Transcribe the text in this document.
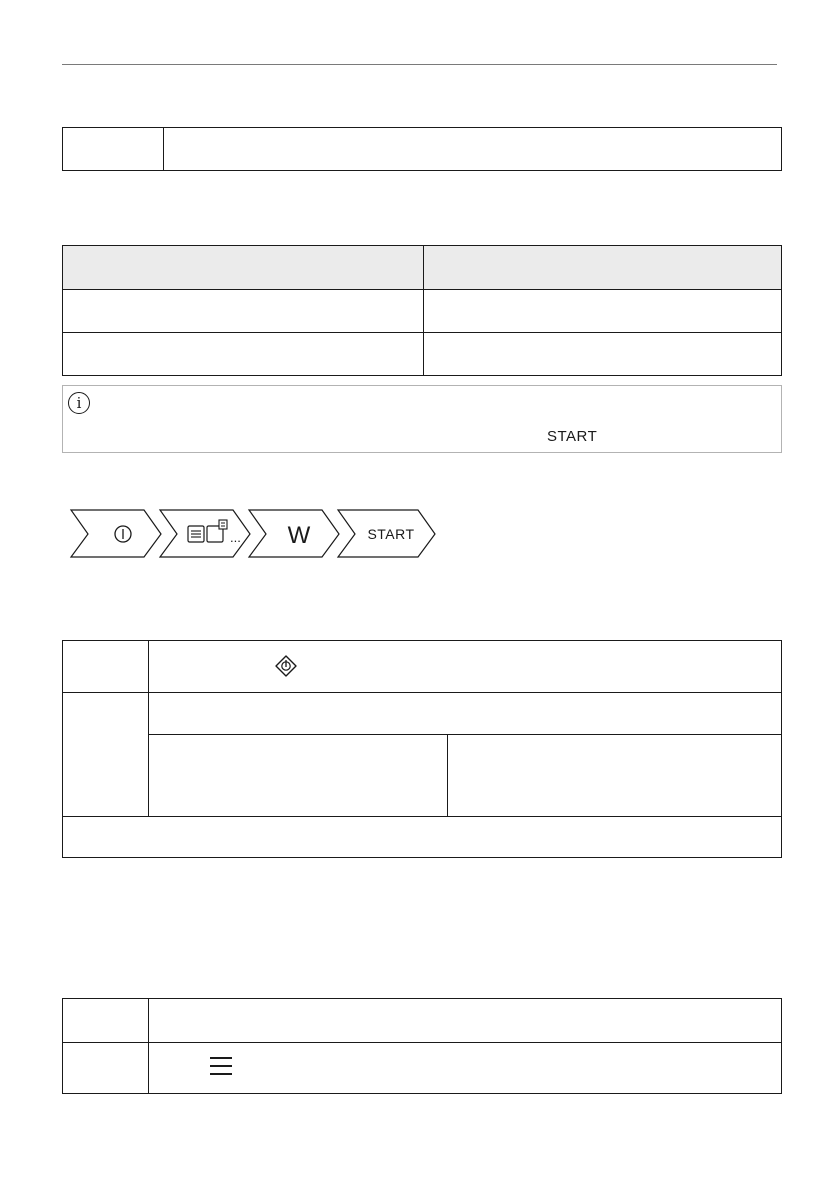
i
START
... W	START
